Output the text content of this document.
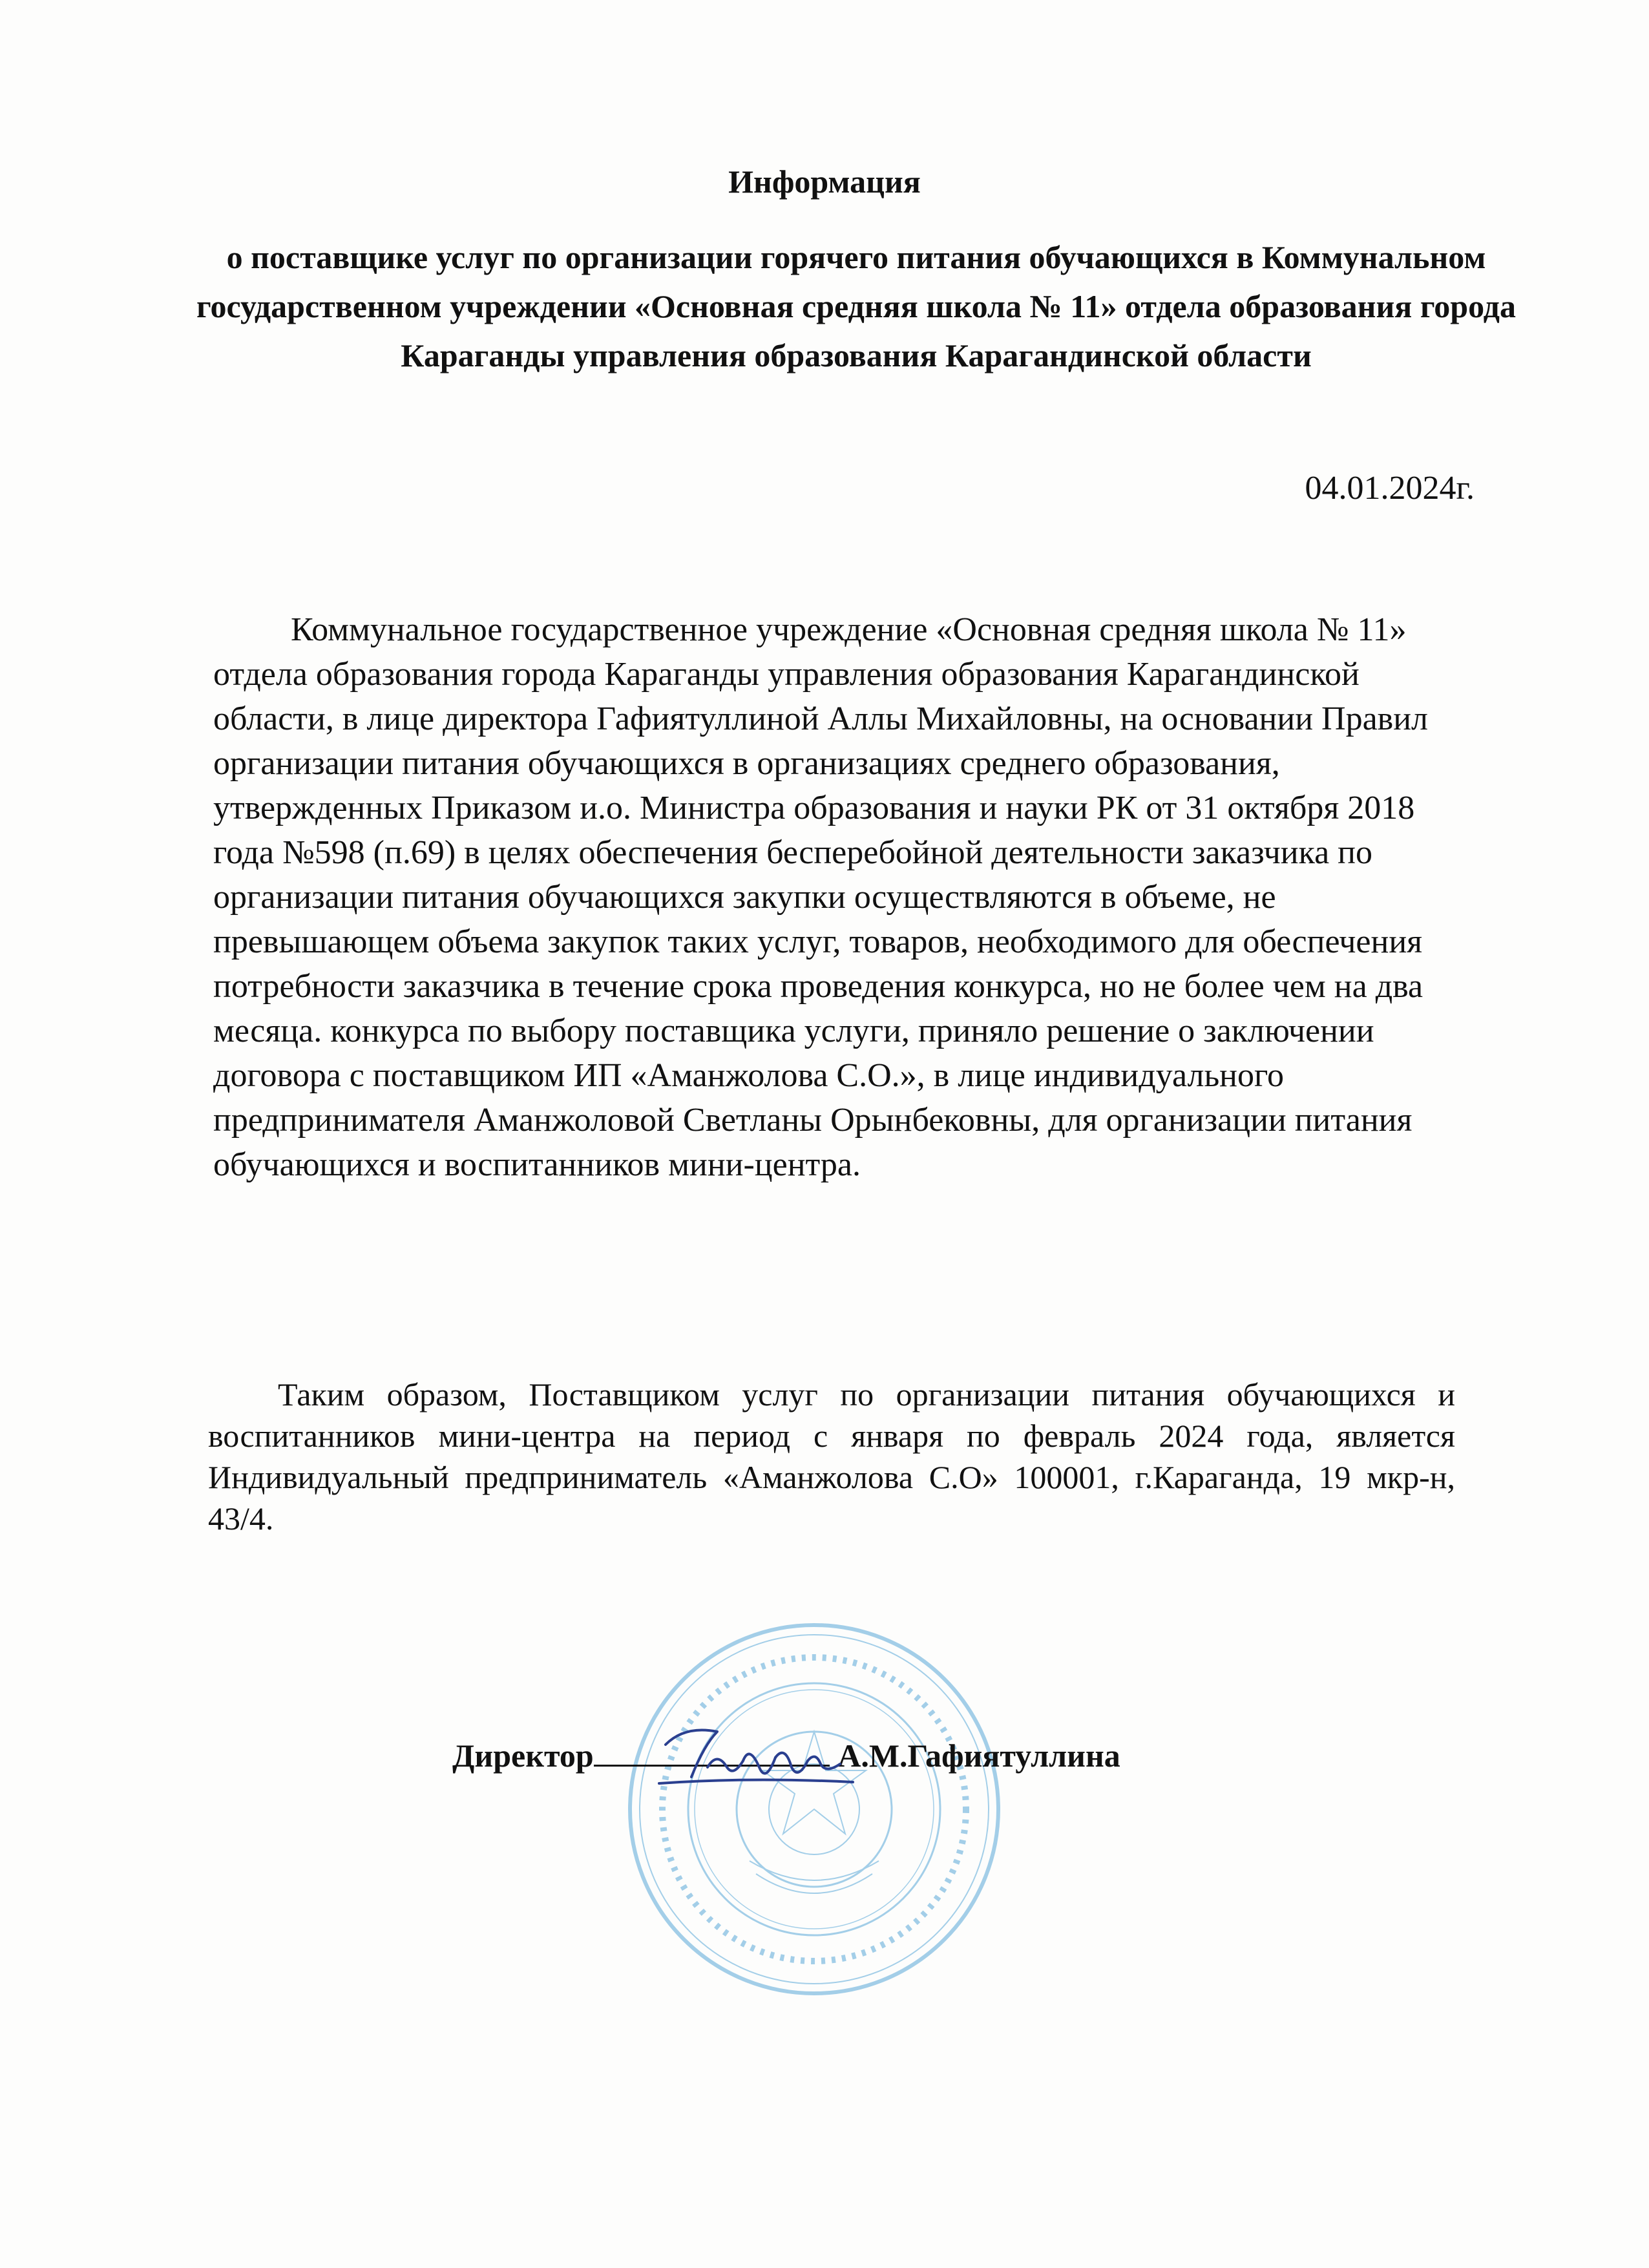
Информация
о поставщике услуг по организации горячего питания обучающихся в Коммунальном государственном учреждении «Основная средняя школа № 11» отдела образования города Караганды управления образования Карагандинской области
04.01.2024г.

Коммунальное государственное учреждение «Основная средняя школа № 11» отдела образования города Караганды управления образования Карагандинской области, в лице директора Гафиятуллиной Аллы Михайловны, на основании Правил организации питания обучающихся в организациях среднего образования, утвержденных Приказом и.о. Министра образования и науки РК от 31 октября 2018 года №598 (п.69) в целях обеспечения бесперебойной деятельности заказчика по организации питания обучающихся закупки осуществляются в объеме, не превышающем объема закупок таких услуг, товаров, необходимого для обеспечения потребности заказчика в течение срока проведения конкурса, но не более чем на два месяца. конкурса по выбору поставщика услуги, приняло решение о заключении договора с поставщиком ИП «Аманжолова С.О.», в лице индивидуального предпринимателя Аманжоловой Светланы Орынбековны, для организации питания обучающихся и воспитанников мини-центра.

Таким образом, Поставщиком услуг по организации питания обучающихся и воспитанников мини-центра на период с января по февраль 2024 года, является Индивидуальный предприниматель «Аманжолова С.О» 100001, г.Караганда, 19 мкр-н, 43/4.

Директор	А.М.Гафиятуллина
